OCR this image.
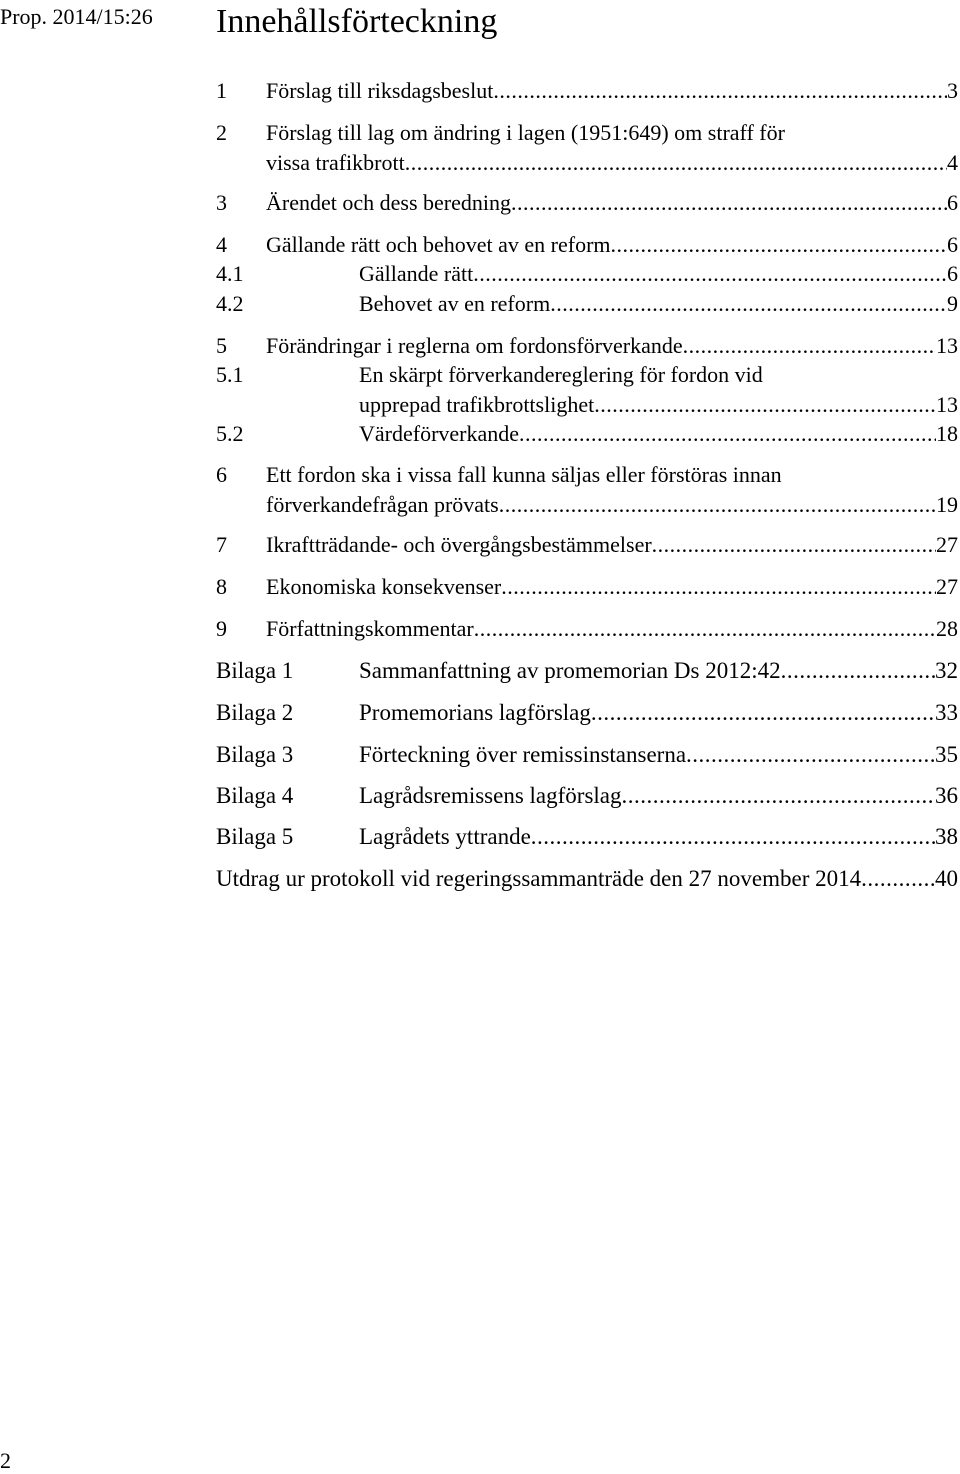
Prop. 2014/15:26 Innehållsförteckning
1 Förslag till riksdagsbeslut .....	3
2 Förslag till lag om ändring i lagen (1951:649) om straff för
vissa trafikbrott .....	4
3 Ärendet och dess beredning .....	6
4 Gällande rätt och behovet av en reform .....	6
4.1	Gällande rätt .....	6
4.2	Behovet av en reform .....	9
5 Förändringar i reglerna om fordonsförverkande .....	13
5.1	En skärpt förverkandereglering för fordon vid
upprepad trafikbrottslighet .....	13
5.2	Värdeförverkande .....	18
6 Ett fordon ska i vissa fall kunna säljas eller förstöras innan
förverkandefrågan prövats .....	19
7 Ikraftträdande- och övergångsbestämmelser .....	27
8 Ekonomiska konsekvenser .....	27
9 Författningskommentar .....	28
Bilaga 1	Sammanfattning av promemorian Ds 2012:42 .....	32
Bilaga 2	Promemorians lagförslag .....	33
Bilaga 3	Förteckning över remissinstanserna .....	35
Bilaga 4	Lagrådsremissens lagförslag .....	36
Bilaga 5	Lagrådets yttrande .....	38
Utdrag ur protokoll vid regeringssammanträde den 27 november 2014 .....	40
2
